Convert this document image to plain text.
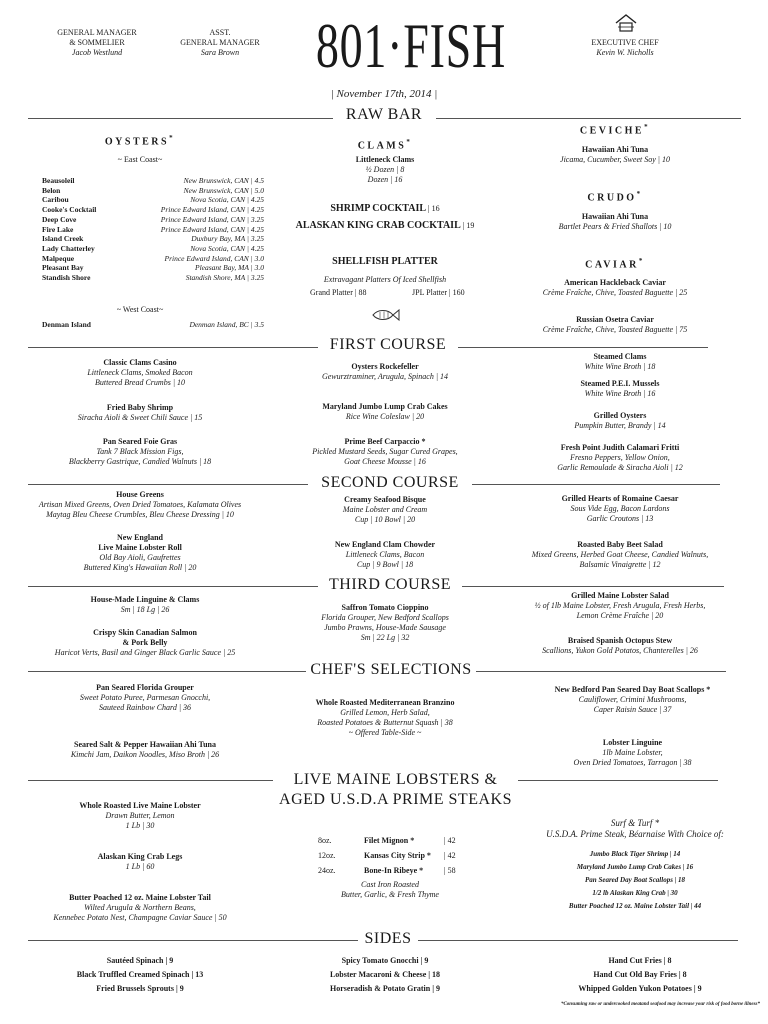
GENERAL MANAGER
& SOMMELIER
Jacob Westlund
ASST.
GENERAL MANAGER
Sara Brown	801·FISH
| November 17th, 2014 |
EXECUTIVE CHEF
Kevin W. Nicholls
RAW BAR
OYSTERS*
~ East Coast~
Beausoleil	New Brunswick, CAN | 4.5
Belon	New Brunswick, CAN | 5.0
Caribou	Nova Scotia, CAN | 4.25
Cooke's Cocktail	Prince Edward Island, CAN | 4.25
Deep Cove	Prince Edward Island, CAN | 3.25
Fire Lake	Prince Edward Island, CAN | 4.25
Island Creek	Duxbury Bay, MA | 3.25
Lady Chatterley	Nova Scotia, CAN | 4.25
Malpeque	Prince Edward Island, CAN | 3.0
Pleasant Bay	Pleasant Bay, MA | 3.0
Standish Shore	Standish Shore, MA | 3.25
~ West Coast~
Denman Island	Denman Island, BC | 3.5
CLAMS*
Littleneck Clams
½ Dozen | 8
Dozen | 16
SHRIMP COCKTAIL | 16
ALASKAN KING CRAB COCKTAIL | 19
SHELLFISH PLATTER
Extravagant Platters Of Iced Shellfish
Grand Platter | 88	JPL Platter | 160
CEVICHE*
Hawaiian Ahi Tuna
Jicama, Cucumber, Sweet Soy | 10
CRUDO*
Hawaiian Ahi Tuna
Bartlet Pears & Fried Shallots | 10
CAVIAR*
American Hackleback Caviar
Crème Fraîche, Chive, Toasted Baguette | 25
Russian Osetra Caviar
Crème Fraîche, Chive, Toasted Baguette | 75
FIRST COURSE
Classic Clams Casino
Littleneck Clams, Smoked Bacon
Buttered Bread Crumbs | 10
Fried Baby Shrimp
Siracha Aioli & Sweet Chili Sauce | 15
Pan Seared Foie Gras
Tank 7 Black Mission Figs,
Blackberry Gastrique, Candied Walnuts | 18
Oysters Rockefeller
Gewurztraminer, Arugula, Spinach | 14
Maryland Jumbo Lump Crab Cakes
Rice Wine Coleslaw | 20
Prime Beef Carpaccio *
Pickled Mustard Seeds, Sugar Cured Grapes,
Goat Cheese Mousse | 16
Steamed Clams
White Wine Broth | 18
Steamed P.E.I. Mussels
White Wine Broth | 16
Grilled Oysters
Pumpkin Butter, Brandy | 14
Fresh Point Judith Calamari Fritti
Fresno Peppers, Yellow Onion,
Garlic Remoulade & Siracha Aioli | 12
SECOND COURSE
House Greens
Artisan Mixed Greens, Oven Dried Tomatoes, Kalamata Olives
Maytag Bleu Cheese Crumbles, Bleu Cheese Dressing | 10
New England
Live Maine Lobster Roll
Old Bay Aioli, Gaufrettes
Buttered King's Hawaiian Roll | 20
Creamy Seafood Bisque
Maine Lobster and Cream
Cup | 10 Bowl | 20
New England Clam Chowder
Littleneck Clams, Bacon
Cup | 9 Bowl | 18
Grilled Hearts of Romaine Caesar
Sous Vide Egg, Bacon Lardons
Garlic Croutons | 13
Roasted Baby Beet Salad
Mixed Greens, Herbed Goat Cheese, Candied Walnuts,
Balsamic Vinaigrette | 12
THIRD COURSE
House-Made Linguine & Clams
Sm | 18 Lg | 26
Crispy Skin Canadian Salmon
& Pork Belly
Haricot Verts, Basil and Ginger Black Garlic Sauce | 25
Saffron Tomato Cioppino
Florida Grouper, New Bedford Scallops
Jumbo Prawns, House-Made Sausage
Sm | 22 Lg | 32
Grilled Maine Lobster Salad
½ of 1lb Maine Lobster, Fresh Arugula, Fresh Herbs,
Lemon Crème Fraîche | 20
Braised Spanish Octopus Stew
Scallions, Yukon Gold Potatos, Chanterelles | 26
CHEF'S SELECTIONS
Pan Seared Florida Grouper
Sweet Potato Puree, Parmesan Gnocchi,
Sauteed Rainbow Chard | 36
Seared Salt & Pepper Hawaiian Ahi Tuna
Kimchi Jam, Daikon Noodles, Miso Broth | 26
Whole Roasted Mediterranean Branzino
Grilled Lemon, Herb Salad,
Roasted Potatoes & Butternut Squash | 38
~ Offered Table-Side ~
New Bedford Pan Seared Day Boat Scallops *
Cauliflower, Crimini Mushrooms,
Caper Raisin Sauce | 37
Lobster Linguine
1lb Maine Lobster,
Oven Dried Tomatoes, Tarragon | 38
LIVE MAINE LOBSTERS &
AGED U.S.D.A PRIME STEAKS
Whole Roasted Live Maine Lobster
Drawn Butter, Lemon
1 Lb | 30
Alaskan King Crab Legs
1 Lb | 60
Butter Poached 12 oz. Maine Lobster Tail
Wilted Arugula & Northern Beans,
Kennebec Potato Nest, Champagne Caviar Sauce | 50
8oz.	Filet Mignon *	| 42
12oz.	Kansas City Strip * | 42
24oz.	Bone-In Ribeye *	| 58
Cast Iron Roasted
Butter, Garlic, & Fresh Thyme
Surf & Turf *
U.S.D.A. Prime Steak, Béarnaise With Choice of:
Jumbo Black Tiger Shrimp | 14
Maryland Jumbo Lump Crab Cakes | 16
Pan Seared Day Boat Scallops | 18
1/2 lb Alaskan King Crab | 30
Butter Poached 12 oz. Maine Lobster Tail | 44
SIDES
Sautéed Spinach | 9
Black Truffled Creamed Spinach | 13
Fried Brussels Sprouts | 9
Spicy Tomato Gnocchi | 9
Lobster Macaroni & Cheese | 18
Horseradish & Potato Gratin | 9
Hand Cut Fries | 8
Hand Cut Old Bay Fries | 8
Whipped Golden Yukon Potatoes | 9
*Consuming raw or undercooked meatand seafood may increase your risk of food borne illness*
